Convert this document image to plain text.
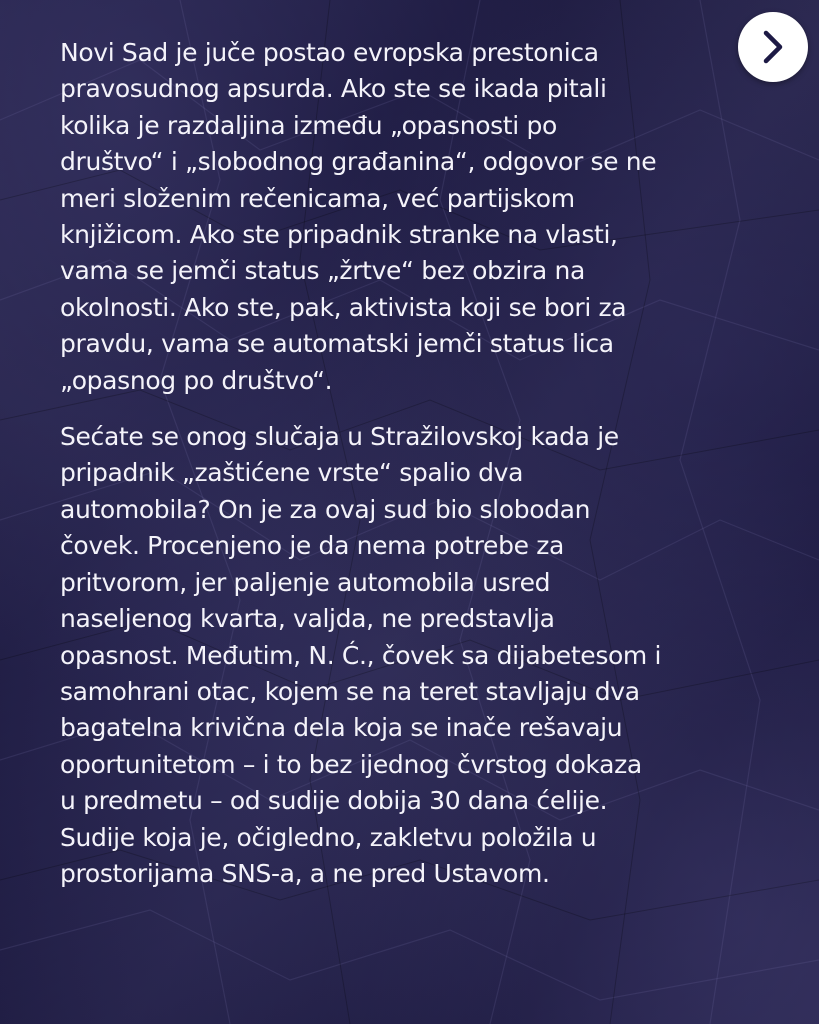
Novi Sad je juče postao evropska prestonica
pravosudnog apsurda. Ako ste se ikada pitali
kolika je razdaljina između „opasnosti po
društvo“ i „slobodnog građanina“, odgovor se ne
meri složenim rečenicama, već partijskom
knjižicom. Ako ste pripadnik stranke na vlasti,
vama se jemči status „žrtve“ bez obzira na
okolnosti. Ako ste, pak, aktivista koji se bori za
pravdu, vama se automatski jemči status lica
„opasnog po društvo“.

Sećate se onog slučaja u Stražilovskoj kada je
pripadnik „zaštićene vrste“ spalio dva
automobila? On je za ovaj sud bio slobodan
čovek. Procenjeno je da nema potrebe za
pritvorom, jer paljenje automobila usred
naseljenog kvarta, valjda, ne predstavlja
opasnost. Međutim, N. Ć., čovek sa dijabetesom i
samohrani otac, kojem se na teret stavljaju dva
bagatelna krivična dela koja se inače rešavaju
oportunitetom – i to bez ijednog čvrstog dokaza
u predmetu – od sudije dobija 30 dana ćelije.
Sudije koja je, očigledno, zakletvu položila u
prostorijama SNS-a, a ne pred Ustavom.
